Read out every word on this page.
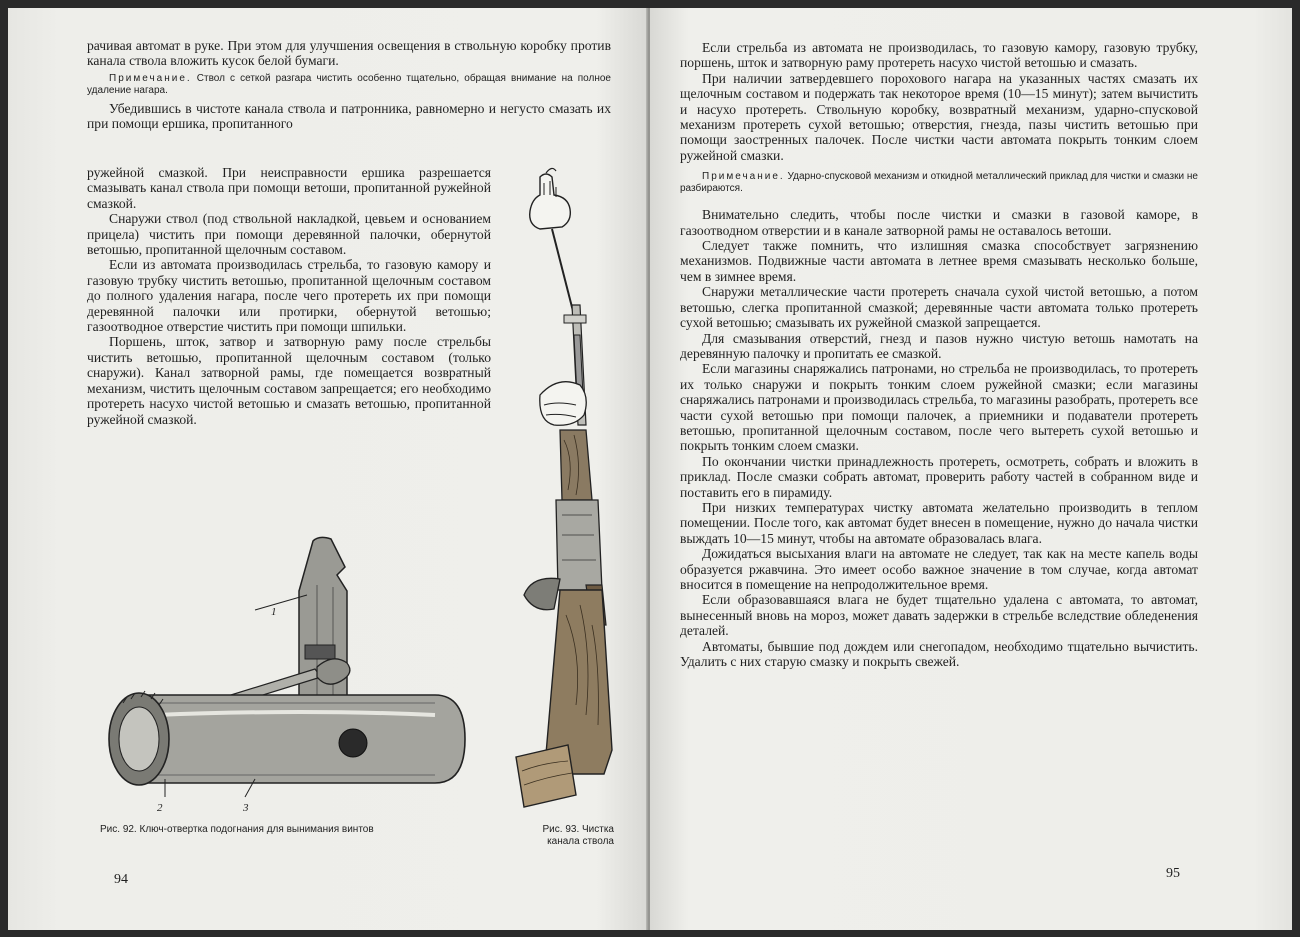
рачивая автомат в руке. При этом для улучшения освещения в ствольную коробку против канала ствола вложить кусок белой бумаги.

Примечание. Ствол с сеткой разгара чистить особенно тщательно, обращая внимание на полное удаление нагара.

Убедившись в чистоте канала ствола и патронника, равномерно и негусто смазать их при помощи ершика, пропитанного

ружейной смазкой. При неисправности ершика разрешается смазывать канал ствола при помощи ветоши, пропитанной ружейной смазкой.

Снаружи ствол (под ствольной накладкой, цевьем и основанием прицела) чистить при помощи деревянной палочки, обернутой ветошью, пропитанной щелочным составом.

Если из автомата производилась стрельба, то газовую камору и газовую трубку чистить ветошью, пропитанной щелочным составом до полного удаления нагара, после чего протереть их при помощи деревянной палочки или протирки, обернутой ветошью; газоотводное отверстие чистить при помощи шпильки.

Поршень, шток, затвор и затворную раму после стрельбы чистить ветошью, пропитанной щелочным составом (только снаружи). Канал затворной рамы, где помещается возвратный механизм, чистить щелочным составом запрещается; его необходимо протереть насухо чистой ветошью и смазать ветошью, пропитанной ружейной смазкой.

1
2	3
Рис. 92. Ключ-отвертка подогнания для вынимания винтов	Рис. 93. Чистка
канала ствола
94

Если стрельба из автомата не производилась, то газовую камору, газовую трубку, поршень, шток и затворную раму протереть насухо чистой ветошью и смазать.

При наличии затвердевшего порохового нагара на указанных частях смазать их щелочным составом и подержать так некоторое время (10—15 минут); затем вычистить и насухо протереть. Ствольную коробку, возвратный механизм, ударно-спусковой механизм протереть сухой ветошью; отверстия, гнезда, пазы чистить ветошью при помощи заостренных палочек. После чистки части автомата покрыть тонким слоем ружейной смазки.

Примечание. Ударно-спусковой механизм и откидной металлический приклад для чистки и смазки не разбираются.

Внимательно следить, чтобы после чистки и смазки в газовой каморе, в газоотводном отверстии и в канале затворной рамы не оставалось ветоши.

Следует также помнить, что излишняя смазка способствует загрязнению механизмов. Подвижные части автомата в летнее время смазывать несколько больше, чем в зимнее время.

Снаружи металлические части протереть сначала сухой чистой ветошью, а потом ветошью, слегка пропитанной смазкой; деревянные части автомата только протереть сухой ветошью; смазывать их ружейной смазкой запрещается.

Для смазывания отверстий, гнезд и пазов нужно чистую ветошь намотать на деревянную палочку и пропитать ее смазкой.

Если магазины снаряжались патронами, но стрельба не производилась, то протереть их только снаружи и покрыть тонким слоем ружейной смазки; если магазины снаряжались патронами и производилась стрельба, то магазины разобрать, протереть все части сухой ветошью при помощи палочек, а приемники и подаватели протереть ветошью, пропитанной щелочным составом, после чего вытереть сухой ветошью и покрыть тонким слоем смазки.

По окончании чистки принадлежность протереть, осмотреть, собрать и вложить в приклад. После смазки собрать автомат, проверить работу частей в собранном виде и поставить его в пирамиду.

При низких температурах чистку автомата желательно производить в теплом помещении. После того, как автомат будет внесен в помещение, нужно до начала чистки выждать 10—15 минут, чтобы на автомате образовалась влага.

Дожидаться высыхания влаги на автомате не следует, так как на месте капель воды образуется ржавчина. Это имеет особо важное значение в том случае, когда автомат вносится в помещение на непродолжительное время.

Если образовавшаяся влага не будет тщательно удалена с автомата, то автомат, вынесенный вновь на мороз, может давать задержки в стрельбе вследствие обледенения деталей.

Автоматы, бывшие под дождем или снегопадом, необходимо тщательно вычистить. Удалить с них старую смазку и покрыть свежей.

95
